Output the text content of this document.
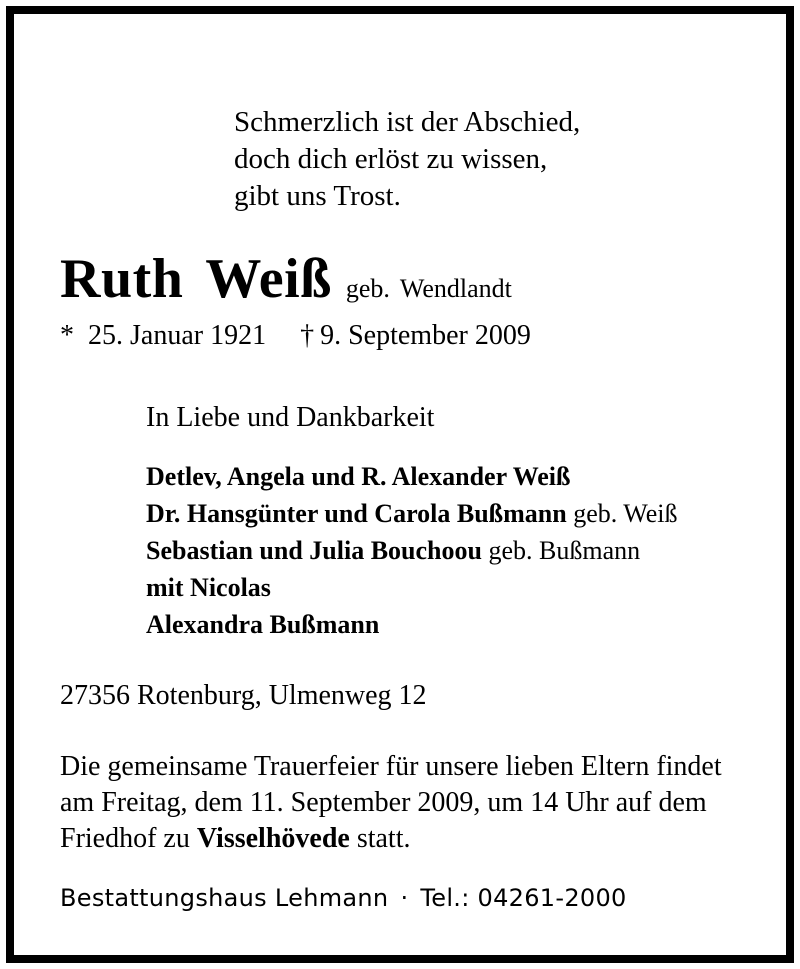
Schmerzlich ist der Abschied,
doch dich erlöst zu wissen,
gibt uns Trost.
Ruth Weiß geb. Wendlandt
* 25. Januar 1921 † 9. September 2009
In Liebe und Dankbarkeit
Detlev, Angela und R. Alexander Weiß
Dr. Hansgünter und Carola Bußmann geb. Weiß
Sebastian und Julia Bouchoou geb. Bußmann
mit Nicolas
Alexandra Bußmann
27356 Rotenburg, Ulmenweg 12
Die gemeinsame Trauerfeier für unsere lieben Eltern findet
am Freitag, dem 11. September 2009, um 14 Uhr auf dem
Friedhof zu Visselhövede statt.
Bestattungshaus Lehmann · Tel.: 04261-2000
